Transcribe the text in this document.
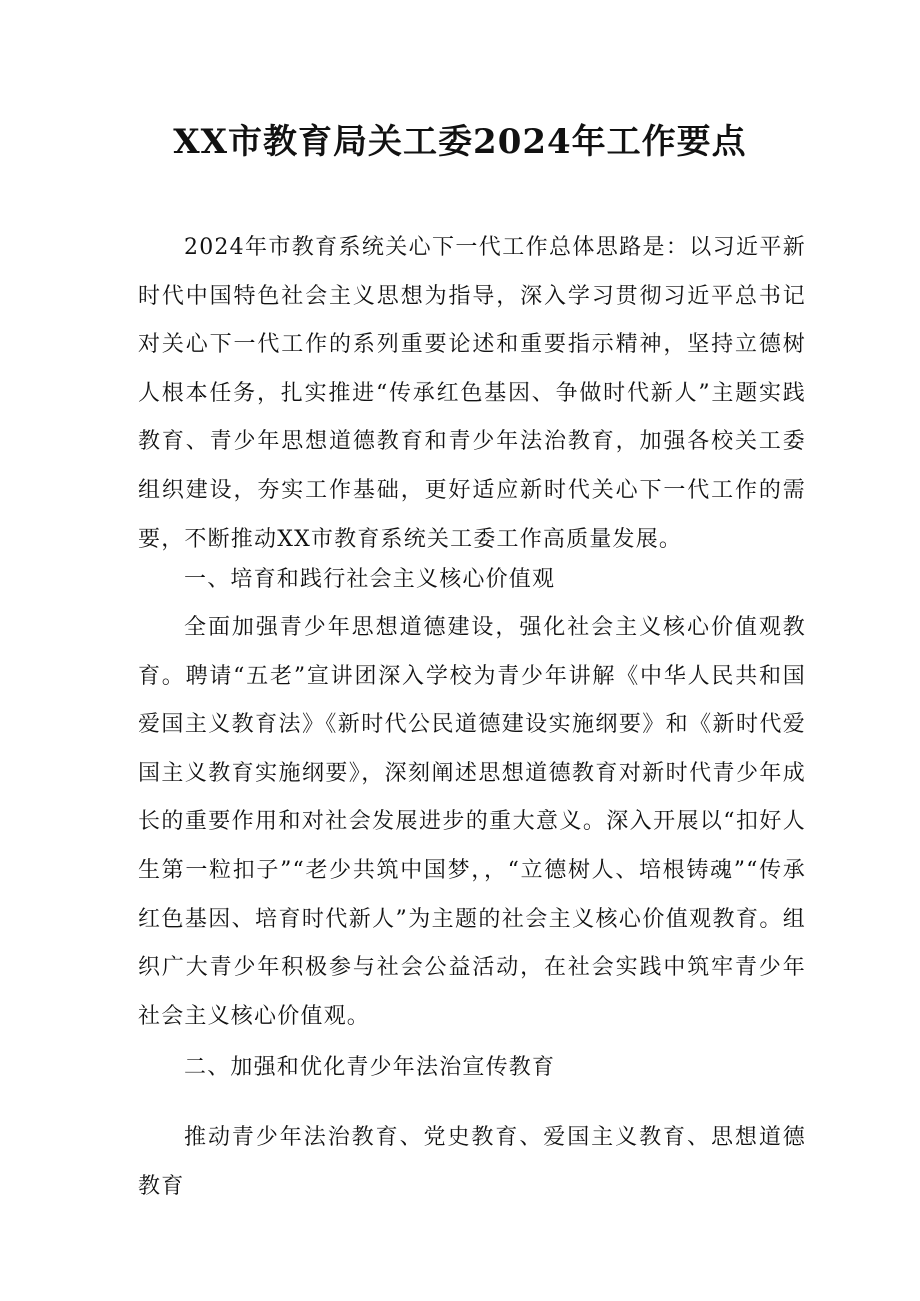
XX市教育局关工委2024年工作要点
2024年市教育系统关心下一代工作总体思路是：以习近平新时代中国特色社会主义思想为指导，深入学习贯彻习近平总书记对关心下一代工作的系列重要论述和重要指示精神，坚持立德树人根本任务，扎实推进“传承红色基因、争做时代新人”主题实践教育、青少年思想道德教育和青少年法治教育，加强各校关工委组织建设，夯实工作基础，更好适应新时代关心下一代工作的需要，不断推动XX市教育系统关工委工作高质量发展。
一、培育和践行社会主义核心价值观
全面加强青少年思想道德建设，强化社会主义核心价值观教育。聘请“五老”宣讲团深入学校为青少年讲解《中华人民共和国爱国主义教育法》《新时代公民道德建设实施纲要》和《新时代爱国主义教育实施纲要》，深刻阐述思想道德教育对新时代青少年成长的重要作用和对社会发展进步的重大意义。深入开展以“扣好人生第一粒扣子”“老少共筑中国梦，，“立德树人、培根铸魂”“传承红色基因、培育时代新人”为主题的社会主义核心价值观教育。组织广大青少年积极参与社会公益活动，在社会实践中筑牢青少年社会主义核心价值观。
二、加强和优化青少年法治宣传教育
推动青少年法治教育、党史教育、爱国主义教育、思想道德教育
